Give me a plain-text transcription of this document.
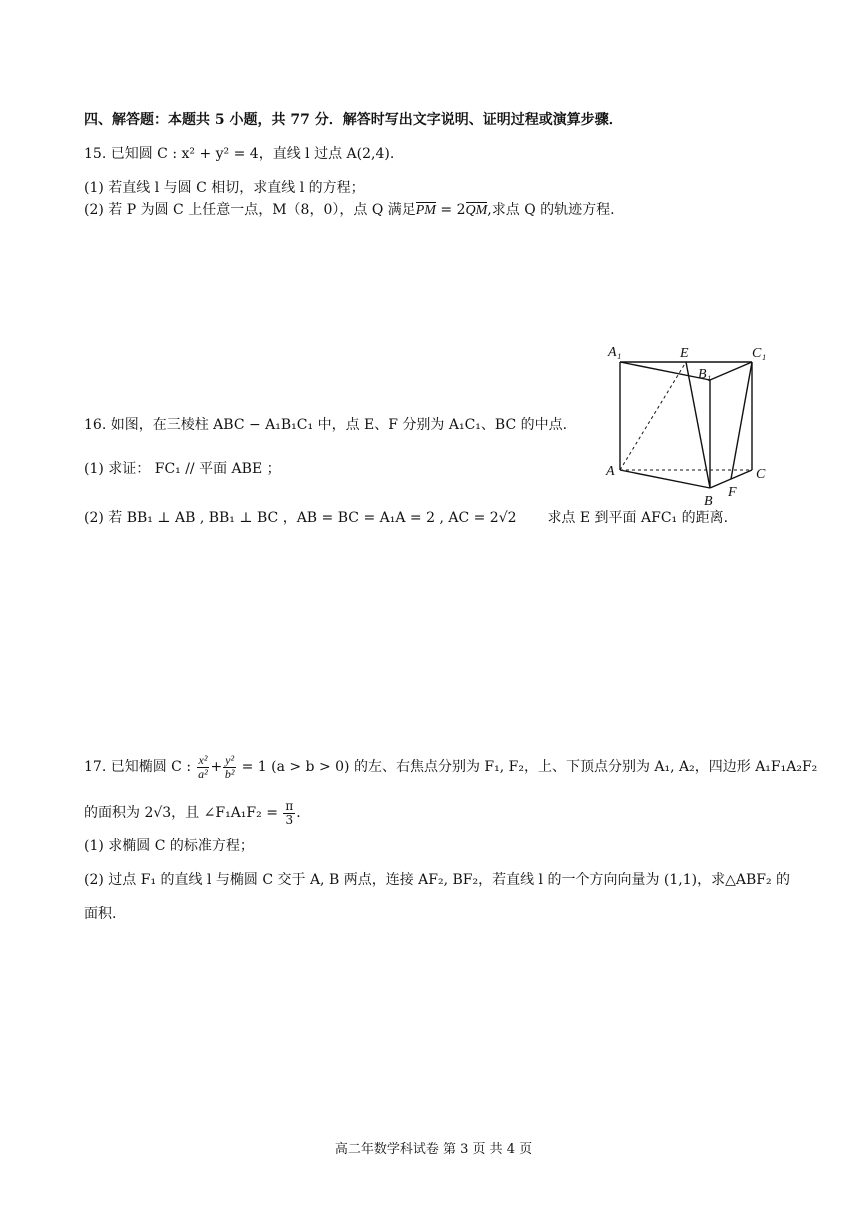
四、解答题：本题共 5 小题，共 77 分．解答时写出文字说明、证明过程或演算步骤．
15. 已知圆 C : x² + y² = 4，直线 l 过点 A(2,4).
(1) 若直线 l 与圆 C 相切，求直线 l 的方程；
(2) 若 P 为圆 C 上任意一点，M（8，0），点 Q 满足PM = 2QM,求点 Q 的轨迹方程.
16. 如图，在三棱柱 ABC − A₁B₁C₁ 中，点 E、F 分别为 A₁C₁、BC 的中点.
(1) 求证： FC₁ // 平面 ABE ；
(2) 若 BB₁ ⊥ AB , BB₁ ⊥ BC ，AB = BC = A₁A = 2 , AC = 2√2 求点 E 到平面 AFC₁ 的距离.
A₁	E	C₁
B₁
A	C
B
F
17. 已知椭圆 C : $\frac{\text{x²}}{\text{a²}} + \frac{\text{y²}}{\text{b²}} = 1$ (a > b > 0) 的左、右焦点分别为 F₁, F₂，上、下顶点分别为 A₁, A₂，四边形 A₁F₁A₂F₂
的面积为 2√3，且 ∠F₁A₁F₂ = $\frac{\pi}{3}$ .
(1) 求椭圆 C 的标准方程；
(2) 过点 F₁ 的直线 l 与椭圆 C 交于 A, B 两点，连接 AF₂, BF₂，若直线 l 的一个方向向量为 (1,1)，求△ABF₂ 的
面积.
高二年数学科试卷 第 3 页 共 4 页
